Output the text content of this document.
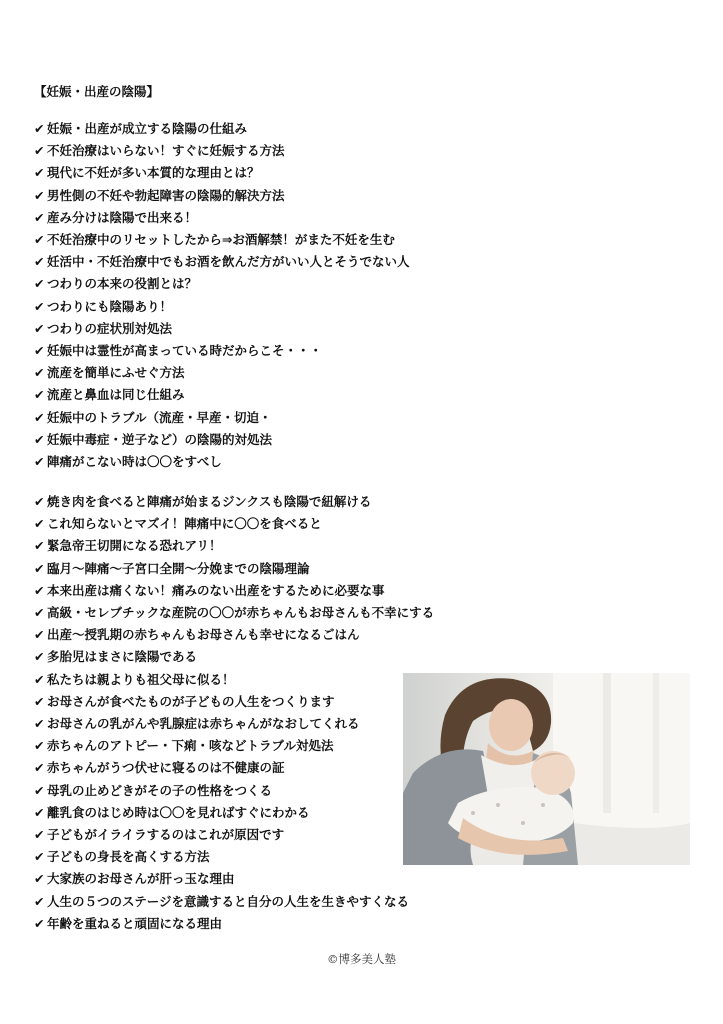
【妊娠・出産の陰陽】
✔ 妊娠・出産が成立する陰陽の仕組み
✔ 不妊治療はいらない！すぐに妊娠する方法
✔ 現代に不妊が多い本質的な理由とは？
✔ 男性側の不妊や勃起障害の陰陽的解決方法
✔ 産み分けは陰陽で出来る！
✔ 不妊治療中のリセットしたから⇒お酒解禁！がまた不妊を生む
✔ 妊活中・不妊治療中でもお酒を飲んだ方がいい人とそうでない人
✔ つわりの本来の役割とは？
✔ つわりにも陰陽あり！
✔ つわりの症状別対処法
✔ 妊娠中は霊性が高まっている時だからこそ・・・
✔ 流産を簡単にふせぐ方法
✔ 流産と鼻血は同じ仕組み
✔ 妊娠中のトラブル（流産・早産・切迫・
✔ 妊娠中毒症・逆子など）の陰陽的対処法
✔ 陣痛がこない時は〇〇をすべし
✔ 焼き肉を食べると陣痛が始まるジンクスも陰陽で紐解ける
✔ これ知らないとマズイ！陣痛中に〇〇を食べると
✔ 緊急帝王切開になる恐れアリ！
✔ 臨月～陣痛～子宮口全開～分娩までの陰陽理論
✔ 本来出産は痛くない！痛みのない出産をするために必要な事
✔ 高級・セレブチックな産院の〇〇が赤ちゃんもお母さんも不幸にする
✔ 出産～授乳期の赤ちゃんもお母さんも幸せになるごはん
✔ 多胎児はまさに陰陽である
✔ 私たちは親よりも祖父母に似る！
✔ お母さんが食べたものが子どもの人生をつくります
✔ お母さんの乳がんや乳腺症は赤ちゃんがなおしてくれる
✔ 赤ちゃんのアトピー・下痢・咳などトラブル対処法
✔ 赤ちゃんがうつ伏せに寝るのは不健康の証
✔ 母乳の止めどきがその子の性格をつくる
✔ 離乳食のはじめ時は〇〇を見ればすぐにわかる
✔ 子どもがイライラするのはこれが原因です
✔ 子どもの身長を高くする方法
✔ 大家族のお母さんが肝っ玉な理由
✔ 人生の５つのステージを意識すると自分の人生を生きやすくなる
✔ 年齢を重ねると頑固になる理由
©博多美人塾
